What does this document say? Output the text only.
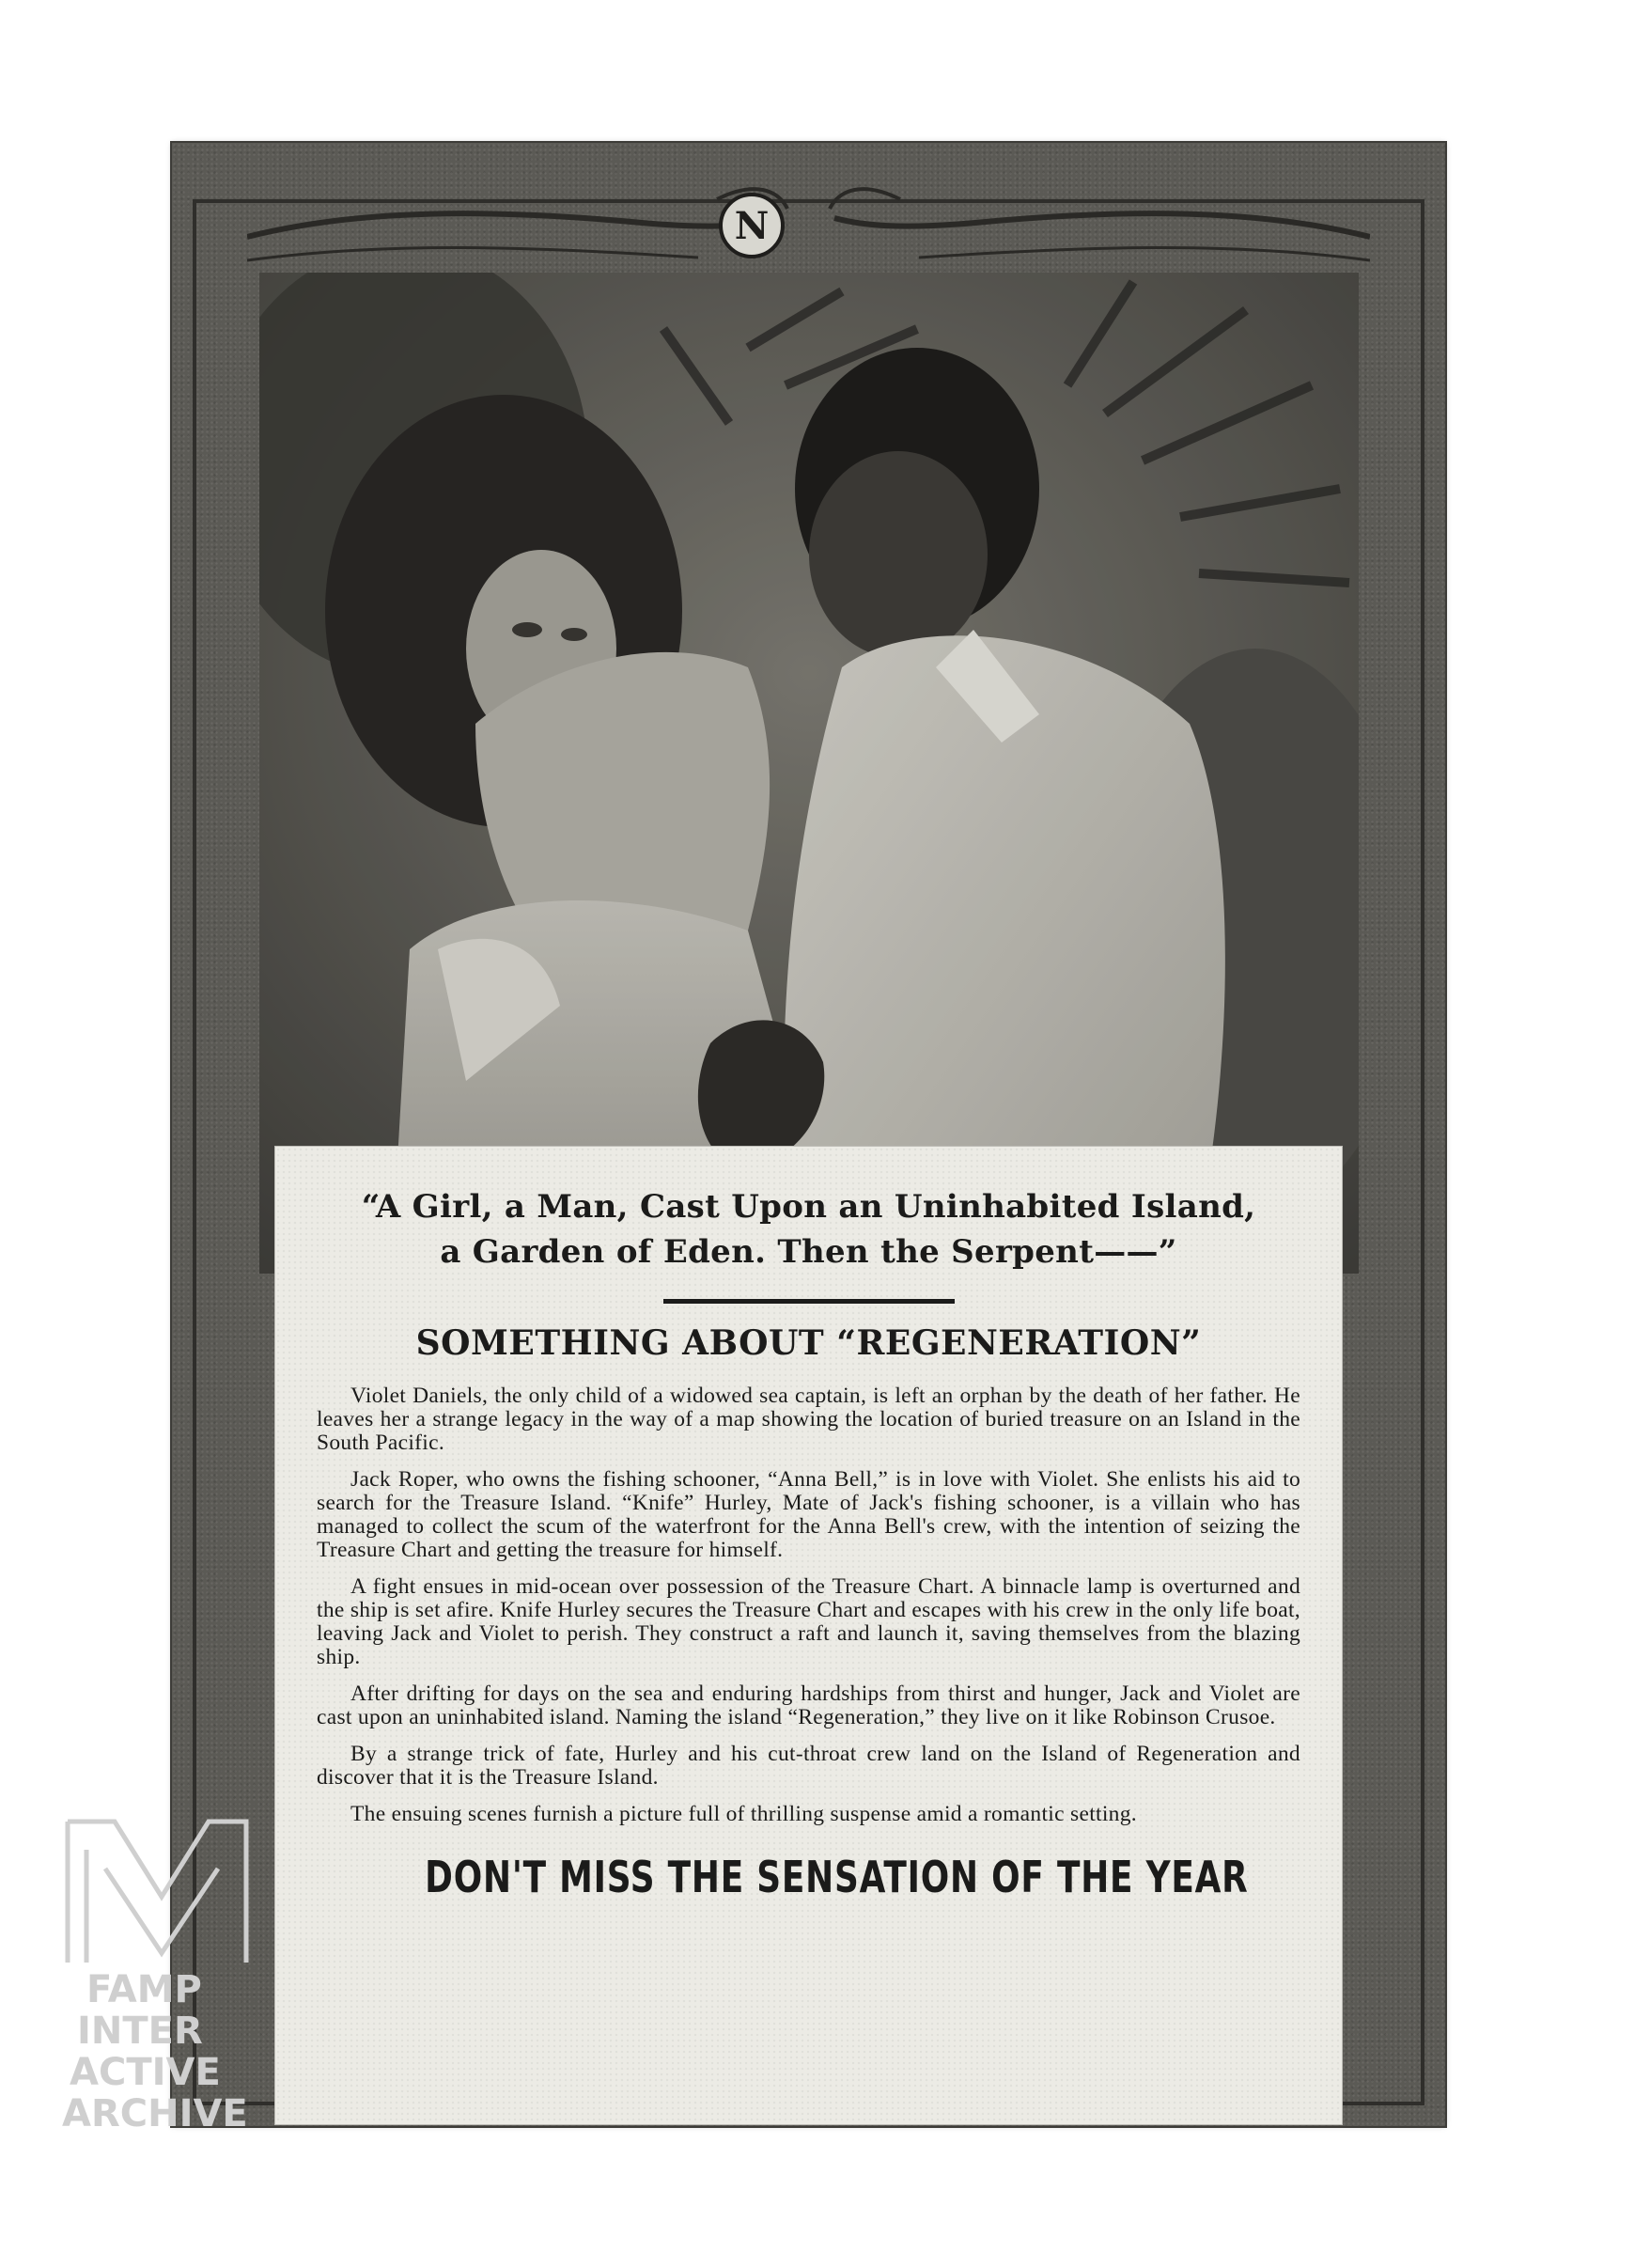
N

“A Girl, a Man, Cast Upon an Uninhabited Island,
a Garden of Eden. Then the Serpent——”

SOMETHING ABOUT “REGENERATION”

Violet Daniels, the only child of a widowed sea captain, is left an orphan by the death of her father. He leaves her a strange legacy in the way of a map showing the location of buried treasure on an Island in the South Pacific.

Jack Roper, who owns the fishing schooner, “Anna Bell,” is in love with Violet. She enlists his aid to search for the Treasure Island. “Knife” Hurley, Mate of Jack's fishing schooner, is a villain who has managed to collect the scum of the waterfront for the Anna Bell's crew, with the intention of seizing the Treasure Chart and getting the treasure for himself.

A fight ensues in mid-ocean over possession of the Treasure Chart. A binnacle lamp is overturned and the ship is set afire. Knife Hurley secures the Treasure Chart and escapes with his crew in the only life boat, leaving Jack and Violet to perish. They construct a raft and launch it, saving themselves from the blazing ship.

After drifting for days on the sea and enduring hardships from thirst and hunger, Jack and Violet are cast upon an uninhabited island. Naming the island “Regeneration,” they live on it like Robinson Crusoe.

By a strange trick of fate, Hurley and his cut-throat crew land on the Island of Regeneration and discover that it is the Treasure Island.

The ensuing scenes furnish a picture full of thrilling suspense amid a romantic setting.

DON'T MISS THE SENSATION OF THE YEAR
FAMP
INTER
ACTIVE
ARCHIVE
